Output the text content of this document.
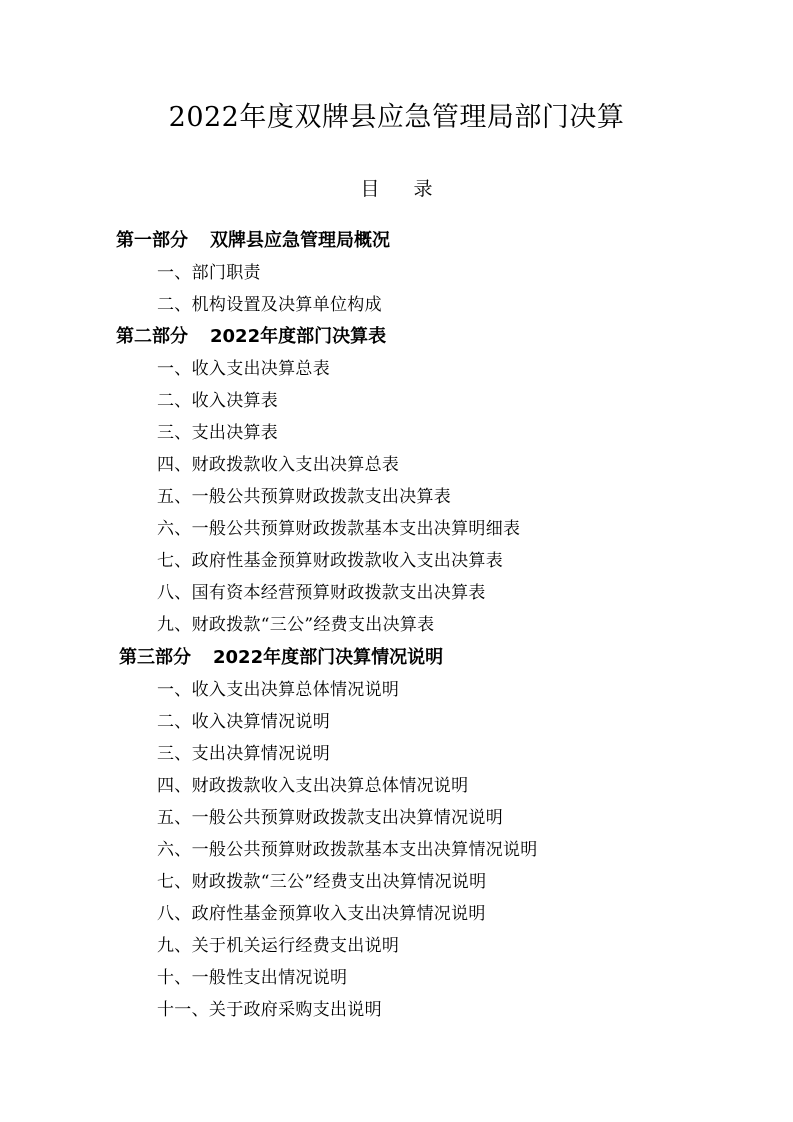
2022年度双牌县应急管理局部门决算
目 录
第一部分 双牌县应急管理局概况
一、部门职责
二、机构设置及决算单位构成
第二部分 2022年度部门决算表
一、收入支出决算总表
二、收入决算表
三、支出决算表
四、财政拨款收入支出决算总表
五、一般公共预算财政拨款支出决算表
六、一般公共预算财政拨款基本支出决算明细表
七、政府性基金预算财政拨款收入支出决算表
八、国有资本经营预算财政拨款支出决算表
九、财政拨款“三公”经费支出决算表
第三部分 2022年度部门决算情况说明
一、收入支出决算总体情况说明
二、收入决算情况说明
三、支出决算情况说明
四、财政拨款收入支出决算总体情况说明
五、一般公共预算财政拨款支出决算情况说明
六、一般公共预算财政拨款基本支出决算情况说明
七、财政拨款“三公”经费支出决算情况说明
八、政府性基金预算收入支出决算情况说明
九、关于机关运行经费支出说明
十、一般性支出情况说明
十一、关于政府采购支出说明
